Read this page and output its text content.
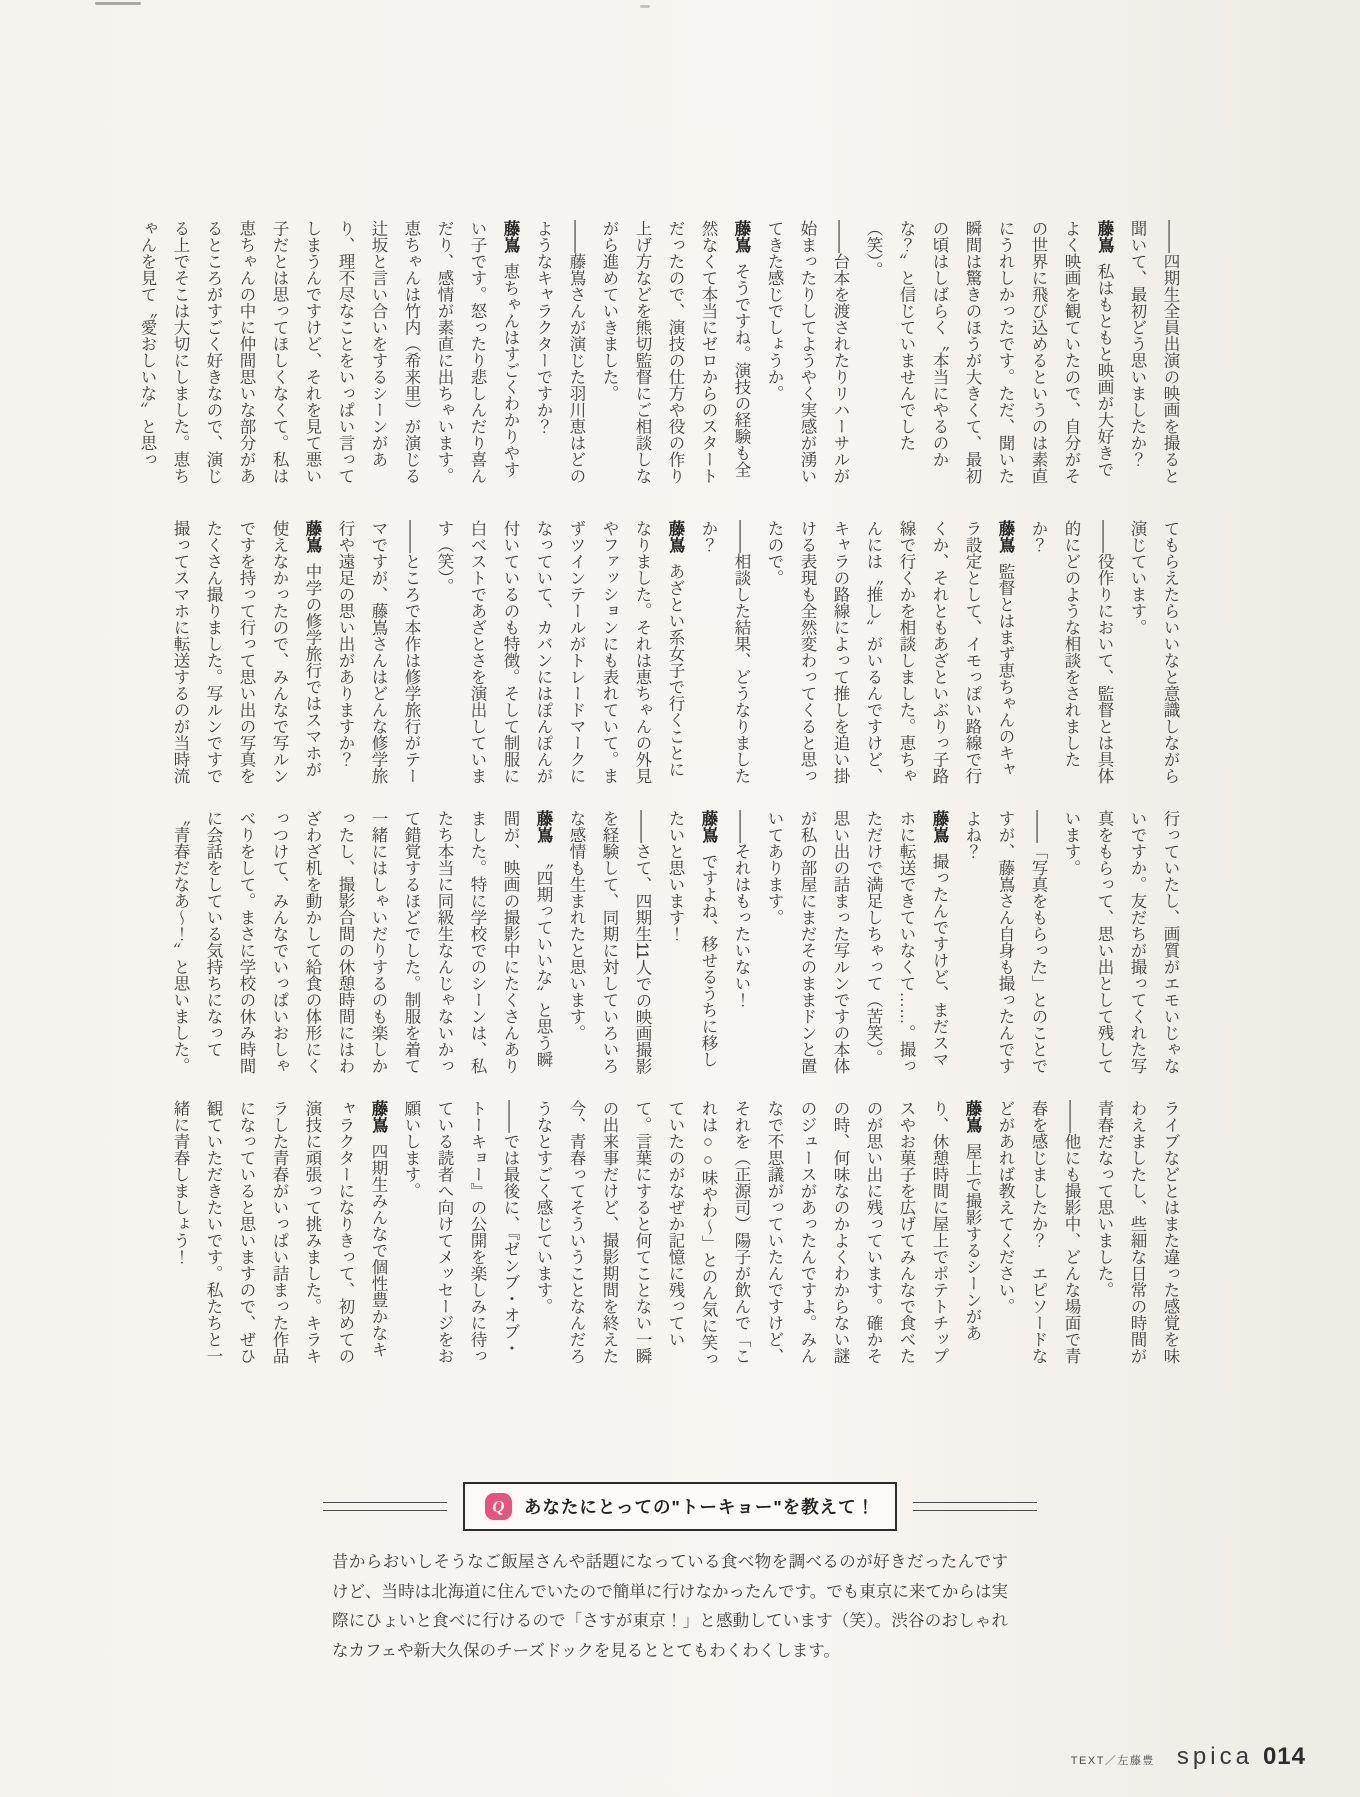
——四期生全員出演の映画を撮ると聞いて、最初どう思いましたか？

藤嶌私はもともと映画が大好きでよく映画を観ていたので、自分がその世界に飛び込めるというのは素直にうれしかったです。ただ、聞いた瞬間は驚きのほうが大きくて、最初の頃はしばらく〝本当にやるのかな？〟と信じていませんでした（笑）。

——台本を渡されたりリハーサルが始まったりしてようやく実感が湧いてきた感じでしょうか。

藤嶌そうですね。演技の経験も全然なくて本当にゼロからのスタートだったので、演技の仕方や役の作り上げ方などを熊切監督にご相談しながら進めていきました。

——藤嶌さんが演じた羽川恵はどのようなキャラクターですか？

藤嶌恵ちゃんはすごくわかりやすい子です。怒ったり悲しんだり喜んだり、感情が素直に出ちゃいます。恵ちゃんは竹内（希来里）が演じる辻坂と言い合いをするシーンがあり、理不尽なことをいっぱい言ってしまうんですけど、それを見て悪い子だとは思ってほしくなくて。私は恵ちゃんの中に仲間思いな部分があるところがすごく好きなので、演じる上でそこは大切にしました。恵ちゃんを見て〝愛おしいな〟と思っ

てもらえたらいいなと意識しながら演じています。

——役作りにおいて、監督とは具体的にどのような相談をされましたか？

藤嶌監督とはまず恵ちゃんのキャラ設定として、イモっぽい路線で行くか、それともあざといぶりっ子路線で行くかを相談しました。恵ちゃんには〝推し〟がいるんですけど、キャラの路線によって推しを追い掛ける表現も全然変わってくると思ったので。

——相談した結果、どうなりましたか？

藤嶌あざとい系女子で行くことになりました。それは恵ちゃんの外見やファッションにも表れていて。まずツインテールがトレードマークになっていて、カバンにはぽんぽんが付いているのも特徴。そして制服に白ベストであざとさを演出しています（笑）。

——ところで本作は修学旅行がテーマですが、藤嶌さんはどんな修学旅行や遠足の思い出がありますか？

藤嶌中学の修学旅行ではスマホが使えなかったので、みんなで写ルンですを持って行って思い出の写真をたくさん撮りました。写ルンですで撮ってスマホに転送するのが当時流

行っていたし、画質がエモいじゃないですか。友だちが撮ってくれた写真をもらって、思い出として残しています。

——「写真をもらった」とのことですが、藤嶌さん自身も撮ったんですよね？

藤嶌撮ったんですけど、まだスマホに転送できていなくて……。撮っただけで満足しちゃって（苦笑）。思い出の詰まった写ルンですの本体が私の部屋にまだそのままドンと置いてあります。

——それはもったいない！

藤嶌ですよね、移せるうちに移したいと思います！

——さて、四期生11人での映画撮影を経験して、同期に対していろいろな感情も生まれたと思います。

藤嶌〝四期っていいな〟と思う瞬間が、映画の撮影中にたくさんありました。特に学校でのシーンは、私たち本当に同級生なんじゃないかって錯覚するほどでした。制服を着て一緒にはしゃいだりするのも楽しかったし、撮影合間の休憩時間にはわざわざ机を動かして給食の体形にくっつけて、みんなでいっぱいおしゃべりをして。まさに学校の休み時間に会話をしている気持ちになって〝青春だなあ〜！〟と思いました。

ライブなどとはまた違った感覚を味わえましたし、些細な日常の時間が青春だなって思いました。

——他にも撮影中、どんな場面で青春を感じましたか？　エピソードなどがあれば教えてください。

藤嶌屋上で撮影するシーンがあり、休憩時間に屋上でポテトチップスやお菓子を広げてみんなで食べたのが思い出に残っています。確かその時、何味なのかよくわからない謎のジュースがあったんですよ。みんなで不思議がっていたんですけど、それを（正源司）陽子が飲んで「これは○○味やわ〜」とのん気に笑っていたのがなぜか記憶に残っていて。言葉にすると何てことない一瞬の出来事だけど、撮影期間を終えた今、青春ってそういうことなんだろうなとすごく感じています。

——では最後に、『ゼンブ・オブ・トーキョー』の公開を楽しみに待っている読者へ向けてメッセージをお願いします。

藤嶌四期生みんなで個性豊かなキャラクターになりきって、初めての演技に頑張って挑みました。キラキラした青春がいっぱい詰まった作品になっていると思いますので、ぜひ観ていただきたいです。私たちと一緒に青春しましょう！

Q	あなたにとっての"トーキョー"を教えて！
昔からおいしそうなご飯屋さんや話題になっている食べ物を調べるのが好きだったんですけど、当時は北海道に住んでいたので簡単に行けなかったんです。でも東京に来てからは実際にひょいと食べに行けるので「さすが東京！」と感動しています（笑）。渋谷のおしゃれなカフェや新大久保のチーズドックを見るととてもわくわくします。
TEXT／左藤豊 spica 014
